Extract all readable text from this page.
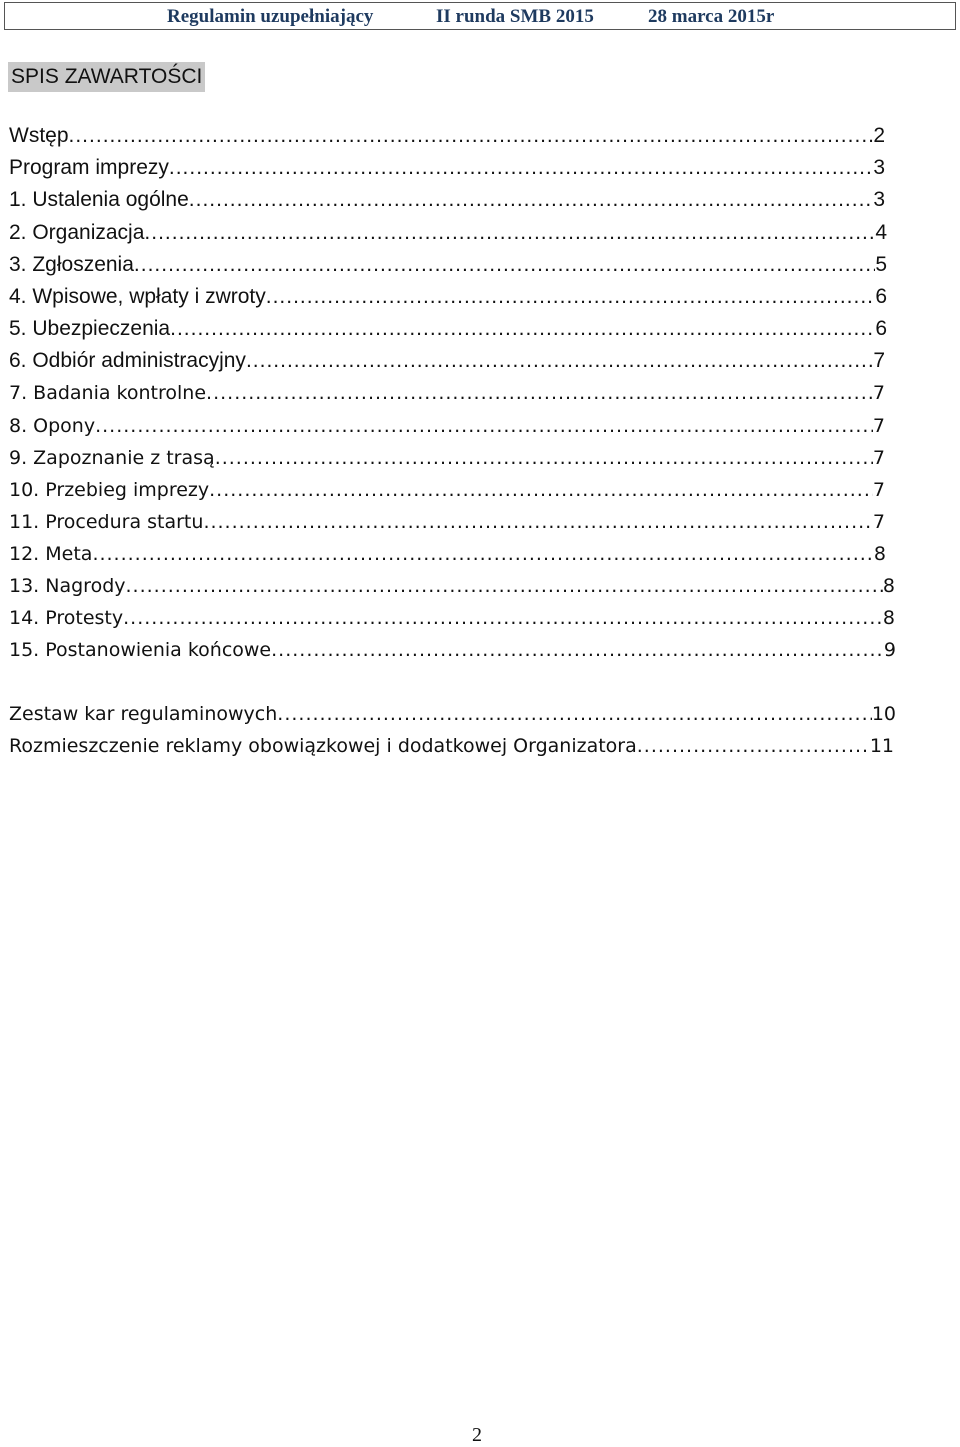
Regulamin uzupełniający	II runda SMB 2015	28 marca 2015r
SPIS ZAWARTOŚCI
Wstęp .....	2
Program imprezy .....	3
1. Ustalenia ogólne .....	3
2. Organizacja .....	4
3. Zgłoszenia .....	5
4. Wpisowe, wpłaty i zwroty .....	6
5. Ubezpieczenia .....	6
6. Odbiór administracyjny .....	7
7. Badania kontrolne .....	7
8. Opony .....	7
9. Zapoznanie z trasą .....	7
10. Przebieg imprezy .....	7
11. Procedura startu .....	7
12. Meta .....	8
13. Nagrody .....	8
14. Protesty .....	8
15. Postanowienia końcowe .....	9
Zestaw kar regulaminowych .....	10
Rozmieszczenie reklamy obowiązkowej i dodatkowej Organizatora .....	11
2
